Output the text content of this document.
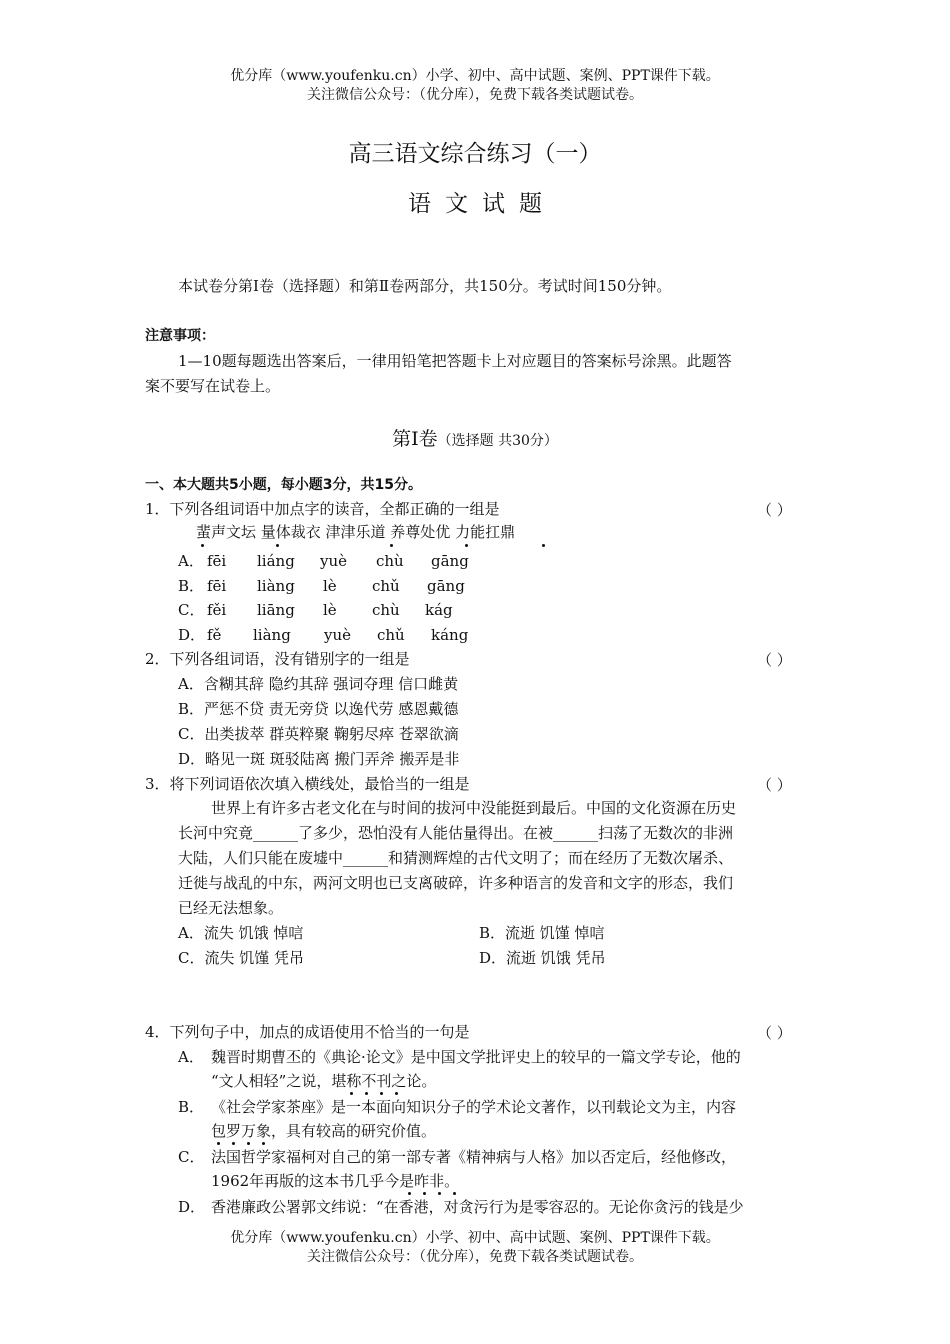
优分库（www.youfenku.cn）小学、初中、高中试题、案例、PPT课件下载。
关注微信公众号：（优分库），免费下载各类试题试卷。
高三语文综合练习（一）
语文试题
本试卷分第Ⅰ卷（选择题）和第Ⅱ卷两部分，共150分。考试时间150分钟。
注意事项：
1—10题每题选出答案后，一律用铅笔把答题卡上对应题目的答案标号涂黑。此题答
案不要写在试卷上。
第Ⅰ卷（选择题 共30分）
一、本大题共5小题，每小题3分，共15分。
1．下列各组词语中加点字的读音，全都正确的一组是	（ ）
蜚声文坛 量体裁衣 津津乐道 养尊处优 力能扛鼎
A． fēi liáng yuè chù gāng
B． fēi liàng lè chǔ gāng
C． fěi liāng lè chù kág
D． fě liàng yuè chǔ káng
2．下列各组词语，没有错别字的一组是	（ ）
A．含糊其辞 隐约其辞 强词夺理 信口雌黄
B．严惩不贷 责无旁贷 以逸代劳 感恩戴德
C．出类拔萃 群英粹聚 鞠躬尽瘁 苍翠欲滴
D．略见一斑 斑驳陆离 搬门弄斧 搬弄是非
3．将下列词语依次填入横线处，最恰当的一组是	（ ）
世界上有许多古老文化在与时间的拔河中没能挺到最后。中国的文化资源在历史
长河中究竟______了多少，恐怕没有人能估量得出。在被______扫荡了无数次的非洲
大陆，人们只能在废墟中______和猜测辉煌的古代文明了；而在经历了无数次屠杀、
迁徙与战乱的中东，两河文明也已支离破碎，许多种语言的发音和文字的形态，我们
已经无法想象。
A．流失 饥饿 悼唁	B．流逝 饥馑 悼唁
C．流失 饥馑 凭吊	D．流逝 饥饿 凭吊
4．下列句子中，加点的成语使用不恰当的一句是	（ ）
A． 魏晋时期曹丕的《典论·论文》是中国文学批评史上的较早的一篇文学专论，他的
“文人相轻”之说，堪称不刊之论。
B． 《社会学家茶座》是一本面向知识分子的学术论文著作，以刊载论文为主，内容
包罗万象，具有较高的研究价值。
C． 法国哲学家福柯对自己的第一部专著《精神病与人格》加以否定后，经他修改，
1962年再版的这本书几乎今是昨非。
D． 香港廉政公署郭文纬说：“在香港，对贪污行为是零容忍的。无论你贪污的钱是少
优分库（www.youfenku.cn）小学、初中、高中试题、案例、PPT课件下载。
关注微信公众号：（优分库），免费下载各类试题试卷。
